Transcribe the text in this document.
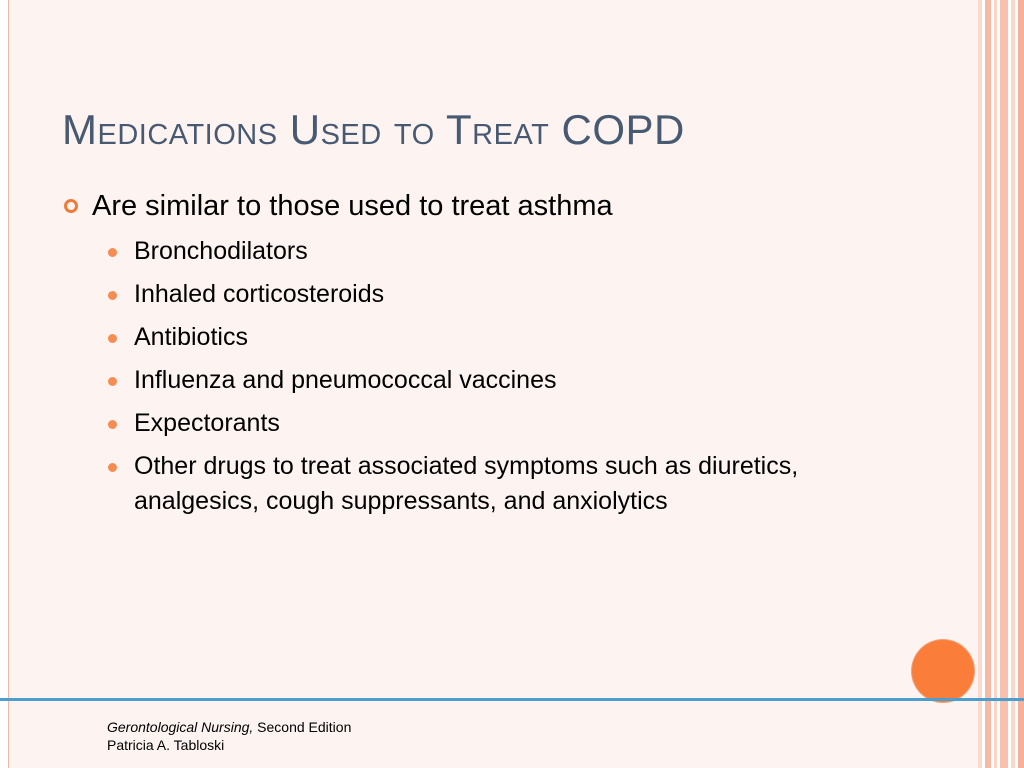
Medications Used to Treat COPD
Are similar to those used to treat asthma
Bronchodilators
Inhaled corticosteroids
Antibiotics
Influenza and pneumococcal vaccines
Expectorants
Other drugs to treat associated symptoms such as diuretics, analgesics, cough suppressants, and anxiolytics
Gerontological Nursing, Second Edition
Patricia A. Tabloski
